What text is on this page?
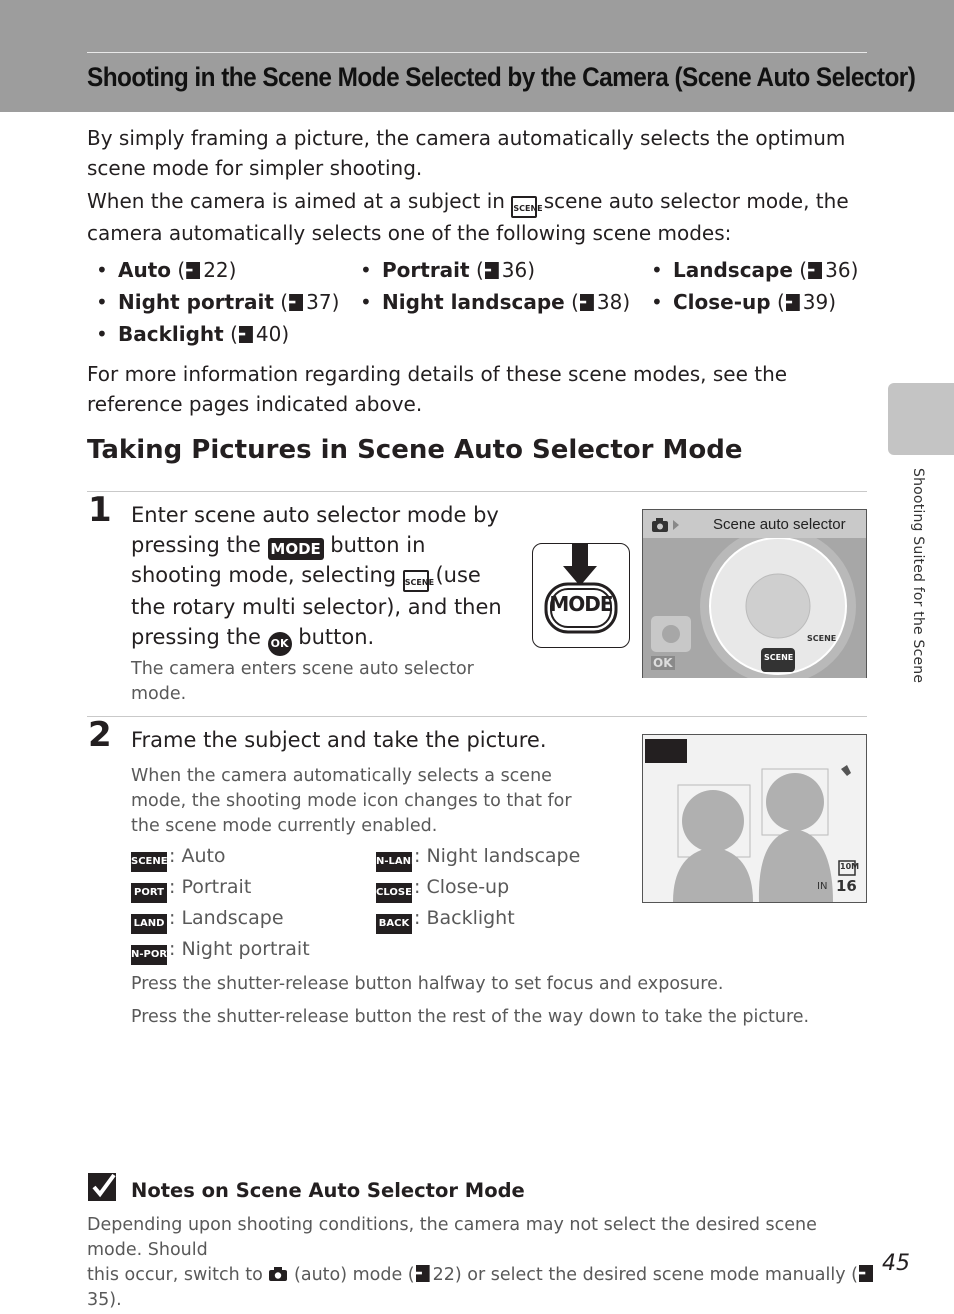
Shooting in the Scene Mode Selected by the Camera (Scene Auto Selector)
Shooting Suited for the Scene
By simply framing a picture, the camera automatically selects the optimum scene mode for simpler shooting.
When the camera is aimed at a subject in SCENE scene auto selector mode, the
camera automatically selects one of the following scene modes:
• Auto ( 22)	• Portrait ( 36)	• Landscape ( 36)
• Night portrait ( 37) • Night landscape ( 38) • Close-up ( 39)
• Backlight ( 40)
For more information regarding details of these scene modes, see the reference pages indicated above.
Taking Pictures in Scene Auto Selector Mode
1 Enter scene auto selector mode by
pressing the MODE button in
shooting mode, selecting SCENE (use
the rotary multi selector), and then
pressing the OK button.
The camera enters scene auto selector mode.
MODE
Scene auto selector
SCENE
SCENE
OK
2 Frame the subject and take the picture.
When the camera automatically selects a scene mode, the shooting mode icon changes to that for the scene mode currently enabled.
SCENE: Auto	N-LAND: Night landscape
PORT : Portrait	CLOSE : Close-up
LAND : Landscape	BACK : Backlight
N-PORT: Night portrait
10M
IN 16
Press the shutter-release button halfway to set focus and exposure.
Press the shutter-release button the rest of the way down to take the picture.
Notes on Scene Auto Selector Mode
Depending upon shooting conditions, the camera may not select the desired scene mode. Should
this occur, switch to (auto) mode ( 22) or select the desired scene mode manually (35).
45
